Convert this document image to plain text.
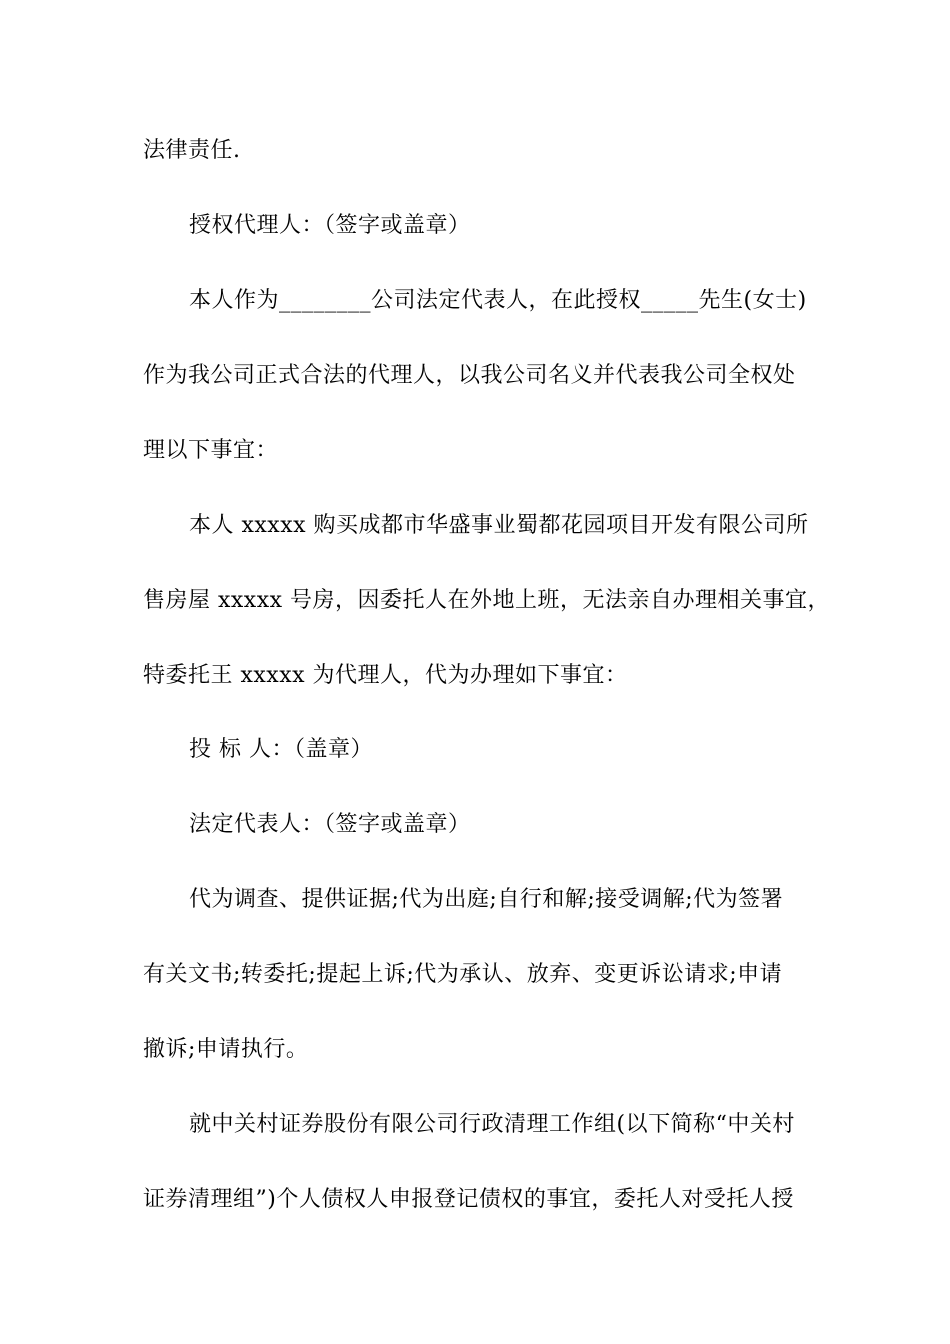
法律责任.
授权代理人：（签字或盖章）
本人作为________公司法定代表人，在此授权_____先生(女士)
作为我公司正式合法的代理人，以我公司名义并代表我公司全权处
理以下事宜：
本人 xxxxx 购买成都市华盛事业蜀都花园项目开发有限公司所
售房屋 xxxxx 号房，因委托人在外地上班，无法亲自办理相关事宜，
特委托王 xxxxx 为代理人，代为办理如下事宜：
投 标 人：（盖章）
法定代表人：（签字或盖章）
代为调查、提供证据;代为出庭;自行和解;接受调解;代为签署
有关文书;转委托;提起上诉;代为承认、放弃、变更诉讼请求;申请
撤诉;申请执行。
就中关村证券股份有限公司行政清理工作组(以下简称“中关村
证券清理组”)个人债权人申报登记债权的事宜，委托人对受托人授
